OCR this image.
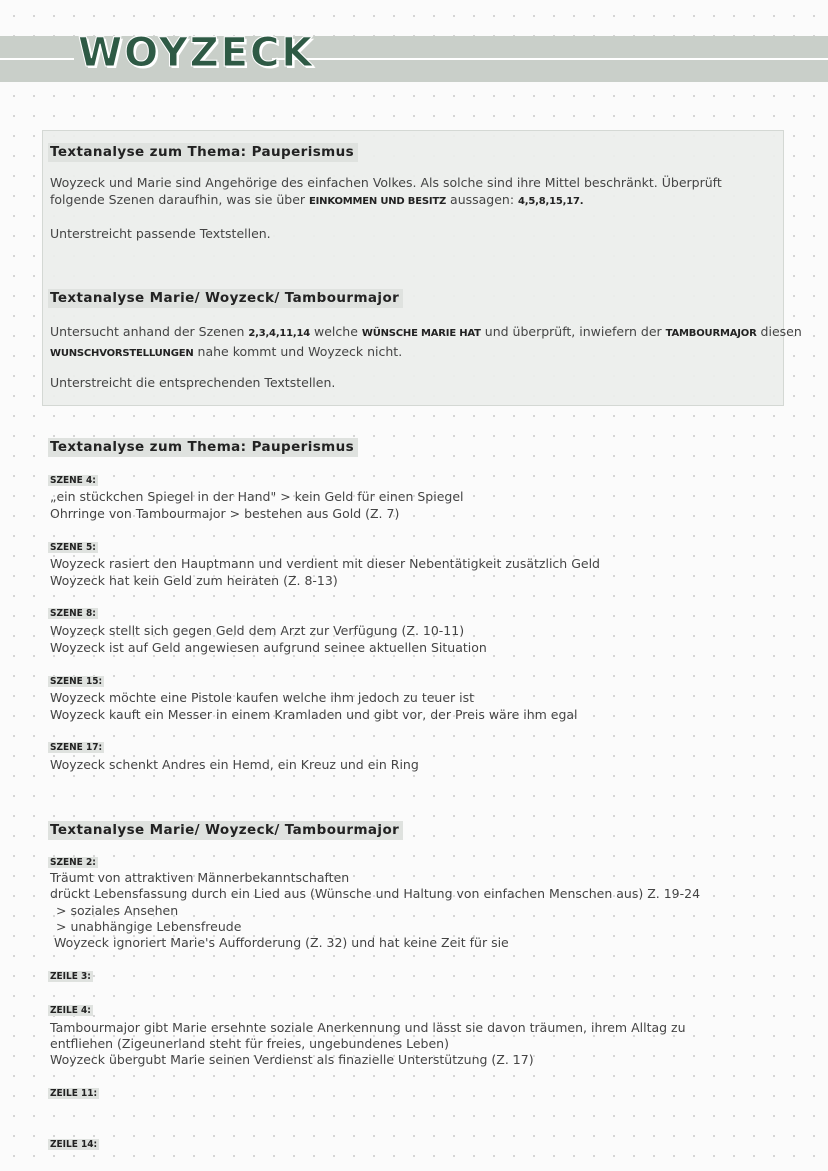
WOYZECK
Textanalyse zum Thema: Pauperismus
Woyzeck und Marie sind Angehörige des einfachen Volkes. Als solche sind ihre Mittel beschränkt. Überprüft
folgende Szenen daraufhin, was sie über EINKOMMEN UND BESITZ aussagen: 4,5,8,15,17.
Unterstreicht passende Textstellen.
Textanalyse Marie/ Woyzeck/ Tambourmajor
Untersucht anhand der Szenen 2,3,4,11,14 welche WÜNSCHE MARIE HAT und überprüft, inwiefern der TAMBOURMAJOR diesen
WUNSCHVORSTELLUNGEN nahe kommt und Woyzeck nicht.
Unterstreicht die entsprechenden Textstellen.
Textanalyse zum Thema: Pauperismus
SZENE 4:
„ein stückchen Spiegel in der Hand" > kein Geld für einen Spiegel
Ohrringe von Tambourmajor > bestehen aus Gold (Z. 7)
SZENE 5:
Woyzeck rasiert den Hauptmann und verdient mit dieser Nebentätigkeit zusätzlich Geld
Woyzeck hat kein Geld zum heiraten (Z. 8-13)
SZENE 8:
Woyzeck stellt sich gegen Geld dem Arzt zur Verfügung (Z. 10-11)
Woyzeck ist auf Geld angewiesen aufgrund seinee aktuellen Situation
SZENE 15:
Woyzeck möchte eine Pistole kaufen welche ihm jedoch zu teuer ist
Woyzeck kauft ein Messer in einem Kramladen und gibt vor, der Preis wäre ihm egal
SZENE 17:
Woyzeck schenkt Andres ein Hemd, ein Kreuz und ein Ring
Textanalyse Marie/ Woyzeck/ Tambourmajor
SZENE 2:
Träumt von attraktiven Männerbekanntschaften
drückt Lebensfassung durch ein Lied aus (Wünsche und Haltung von einfachen Menschen aus) Z. 19-24
> soziales Ansehen
> unabhängige Lebensfreude
Woyzeck ignoriert Marie's Aufforderung (Z. 32) und hat keine Zeit für sie
ZEILE 3:
ZEILE 4:
Tambourmajor gibt Marie ersehnte soziale Anerkennung und lässt sie davon träumen, ihrem Alltag zu
entfliehen (Zigeunerland steht für freies, ungebundenes Leben)
Woyzeck übergubt Marie seinen Verdienst als finazielle Unterstützung (Z. 17)
ZEILE 11:
ZEILE 14:
